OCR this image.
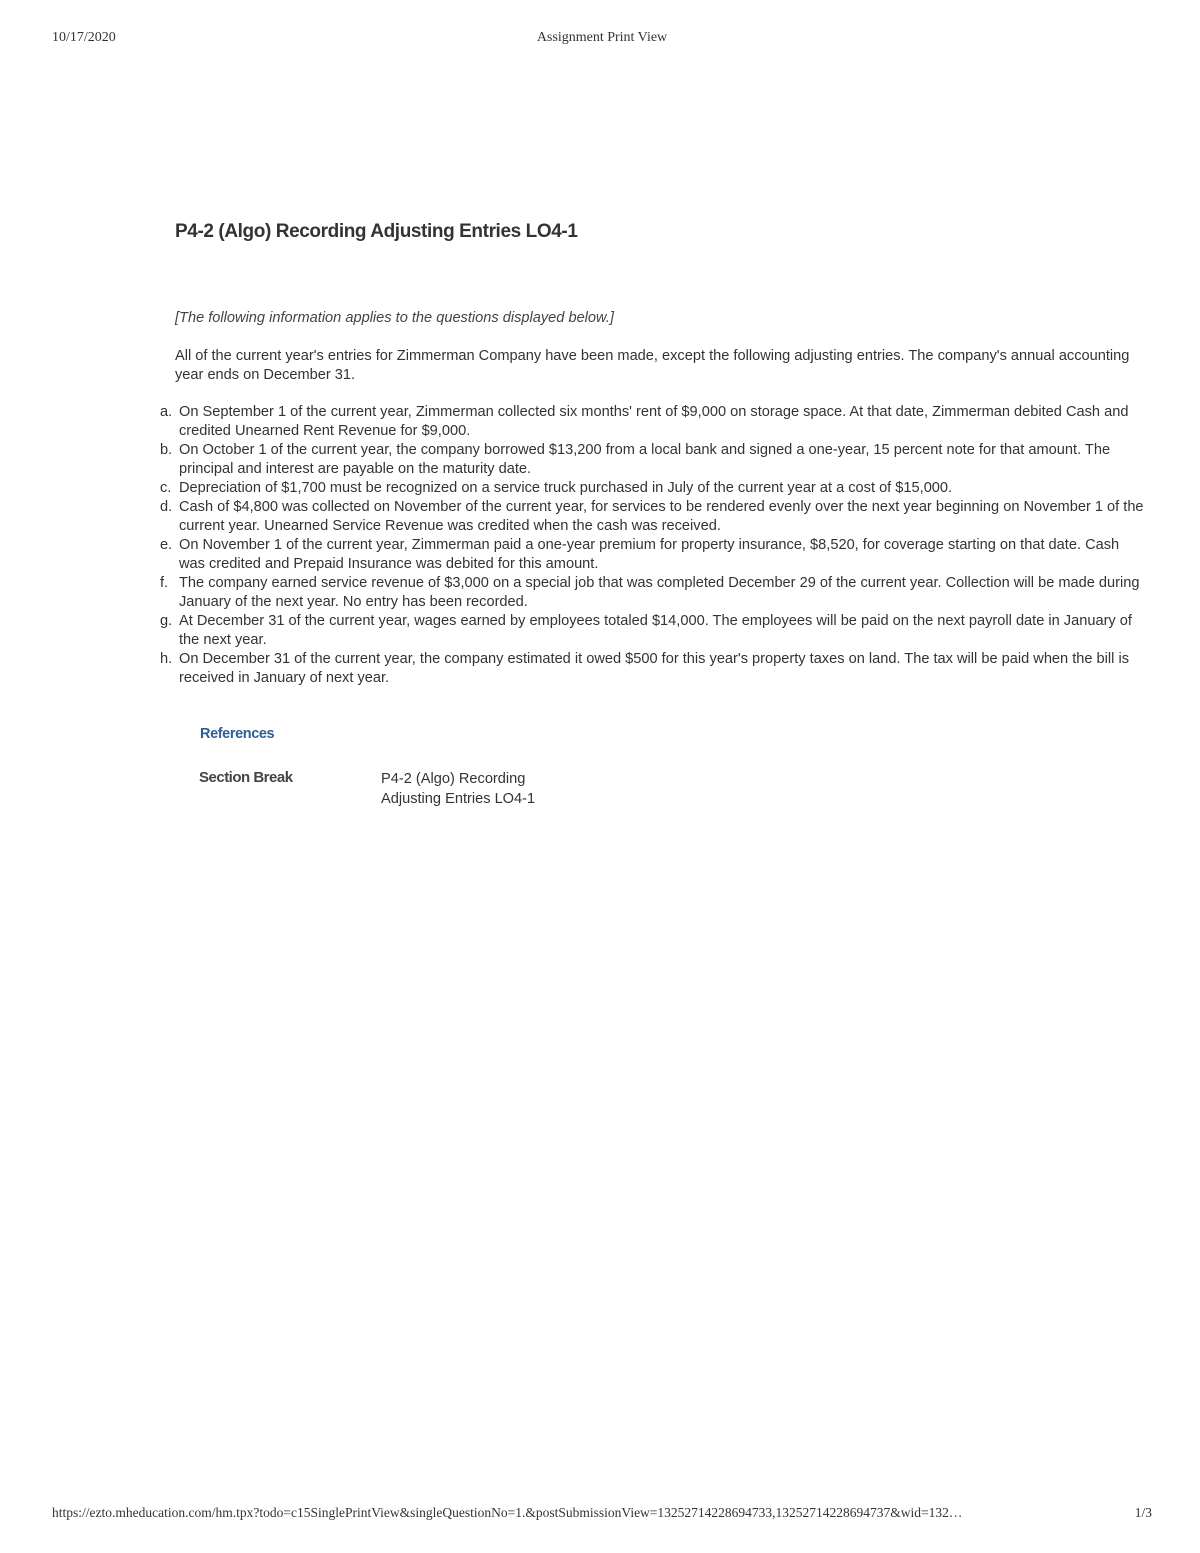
10/17/2020	Assignment Print View
P4-2 (Algo) Recording Adjusting Entries LO4-1

[The following information applies to the questions displayed below.]

All of the current year's entries for Zimmerman Company have been made, except the following adjusting entries. The company's annual accounting year ends on December 31.

a. On September 1 of the current year, Zimmerman collected six months' rent of $9,000 on storage space. At that date, Zimmerman debited Cash and credited Unearned Rent Revenue for $9,000.
b. On October 1 of the current year, the company borrowed $13,200 from a local bank and signed a one-year, 15 percent note for that amount. The principal and interest are payable on the maturity date.
c. Depreciation of $1,700 must be recognized on a service truck purchased in July of the current year at a cost of $15,000.
d. Cash of $4,800 was collected on November of the current year, for services to be rendered evenly over the next year beginning on November 1 of the current year. Unearned Service Revenue was credited when the cash was received.
e. On November 1 of the current year, Zimmerman paid a one-year premium for property insurance, $8,520, for coverage starting on that date. Cash was credited and Prepaid Insurance was debited for this amount.
f. The company earned service revenue of $3,000 on a special job that was completed December 29 of the current year. Collection will be made during January of the next year. No entry has been recorded.
g. At December 31 of the current year, wages earned by employees totaled $14,000. The employees will be paid on the next payroll date in January of the next year.
h. On December 31 of the current year, the company estimated it owed $500 for this year's property taxes on land. The tax will be paid when the bill is received in January of next year.
References
Section Break	P4-2 (Algo) Recording Adjusting Entries LO4-1
https://ezto.mheducation.com/hm.tpx?todo=c15SinglePrintView&singleQuestionNo=1.&postSubmissionView=13252714228694733,13252714228694737&wid=132…	1/3
